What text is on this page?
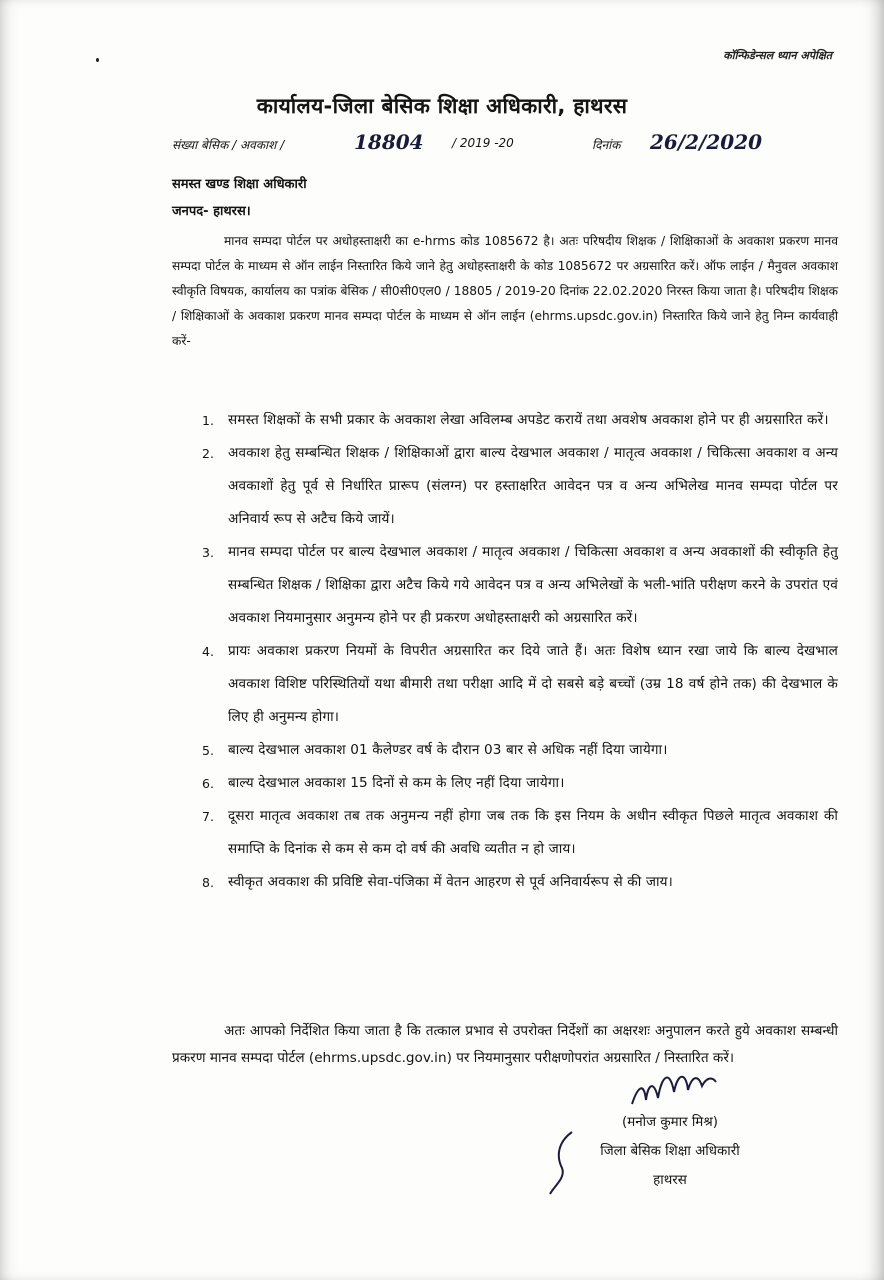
कॉन्फिडेन्सल ध्यान अपेक्षित
कार्यालय-जिला बेसिक शिक्षा अधिकारी, हाथरस
संख्या बेसिक / अवकाश /	18804 / 2019 -20	दिनांक 26/2/2020
समस्त खण्ड शिक्षा अधिकारी
जनपद- हाथरस।
मानव सम्पदा पोर्टल पर अधोहस्ताक्षरी का e-hrms कोड 1085672 है। अतः परिषदीय शिक्षक / शिक्षिकाओं के अवकाश प्रकरण मानव सम्पदा पोर्टल के माध्यम से ऑन लाईन निस्तारित किये जाने हेतु अधोहस्ताक्षरी के कोड 1085672 पर अग्रसारित करें। ऑफ लाईन / मैनुवल अवकाश स्वीकृति विषयक, कार्यालय का पत्रांक बेसिक / सी0सी0एल0 / 18805 / 2019-20 दिनांक 22.02.2020 निरस्त किया जाता है। परिषदीय शिक्षक / शिक्षिकाओं के अवकाश प्रकरण मानव सम्पदा पोर्टल के माध्यम से ऑन लाईन (ehrms.upsdc.gov.in) निस्तारित किये जाने हेतु निम्न कार्यवाही करें-
1.	समस्त शिक्षकों के सभी प्रकार के अवकाश लेखा अविलम्ब अपडेट करायें तथा अवशेष अवकाश होने पर ही अग्रसारित करें।
2.	अवकाश हेतु सम्बन्धित शिक्षक / शिक्षिकाओं द्वारा बाल्य देखभाल अवकाश / मातृत्व अवकाश / चिकित्सा अवकाश व अन्य अवकाशों हेतु पूर्व से निर्धारित प्रारूप (संलग्न) पर हस्ताक्षरित आवेदन पत्र व अन्य अभिलेख मानव सम्पदा पोर्टल पर अनिवार्य रूप से अटैच किये जायें।
3.	मानव सम्पदा पोर्टल पर बाल्य देखभाल अवकाश / मातृत्व अवकाश / चिकित्सा अवकाश व अन्य अवकाशों की स्वीकृति हेतु सम्बन्धित शिक्षक / शिक्षिका द्वारा अटैच किये गये आवेदन पत्र व अन्य अभिलेखों के भली-भांति परीक्षण करने के उपरांत एवं अवकाश नियमानुसार अनुमन्य होने पर ही प्रकरण अधोहस्ताक्षरी को अग्रसारित करें।
4.	प्रायः अवकाश प्रकरण नियमों के विपरीत अग्रसारित कर दिये जाते हैं। अतः विशेष ध्यान रखा जाये कि बाल्य देखभाल अवकाश विशिष्ट परिस्थितियों यथा बीमारी तथा परीक्षा आदि में दो सबसे बड़े बच्चों (उम्र 18 वर्ष होने तक) की देखभाल के लिए ही अनुमन्य होगा।
5.	बाल्य देखभाल अवकाश 01 कैलेण्डर वर्ष के दौरान 03 बार से अधिक नहीं दिया जायेगा।
6.	बाल्य देखभाल अवकाश 15 दिनों से कम के लिए नहीं दिया जायेगा।
7.	दूसरा मातृत्व अवकाश तब तक अनुमन्य नहीं होगा जब तक कि इस नियम के अधीन स्वीकृत पिछले मातृत्व अवकाश की समाप्ति के दिनांक से कम से कम दो वर्ष की अवधि व्यतीत न हो जाय।
8.	स्वीकृत अवकाश की प्रविष्टि सेवा-पंजिका में वेतन आहरण से पूर्व अनिवार्यरूप से की जाय।
अतः आपको निर्देशित किया जाता है कि तत्काल प्रभाव से उपरोक्त निर्देशों का अक्षरशः अनुपालन करते हुये अवकाश सम्बन्धी प्रकरण मानव सम्पदा पोर्टल (ehrms.upsdc.gov.in) पर नियमानुसार परीक्षणोपरांत अग्रसारित / निस्तारित करें।
(मनोज कुमार मिश्र)
जिला बेसिक शिक्षा अधिकारी
हाथरस
